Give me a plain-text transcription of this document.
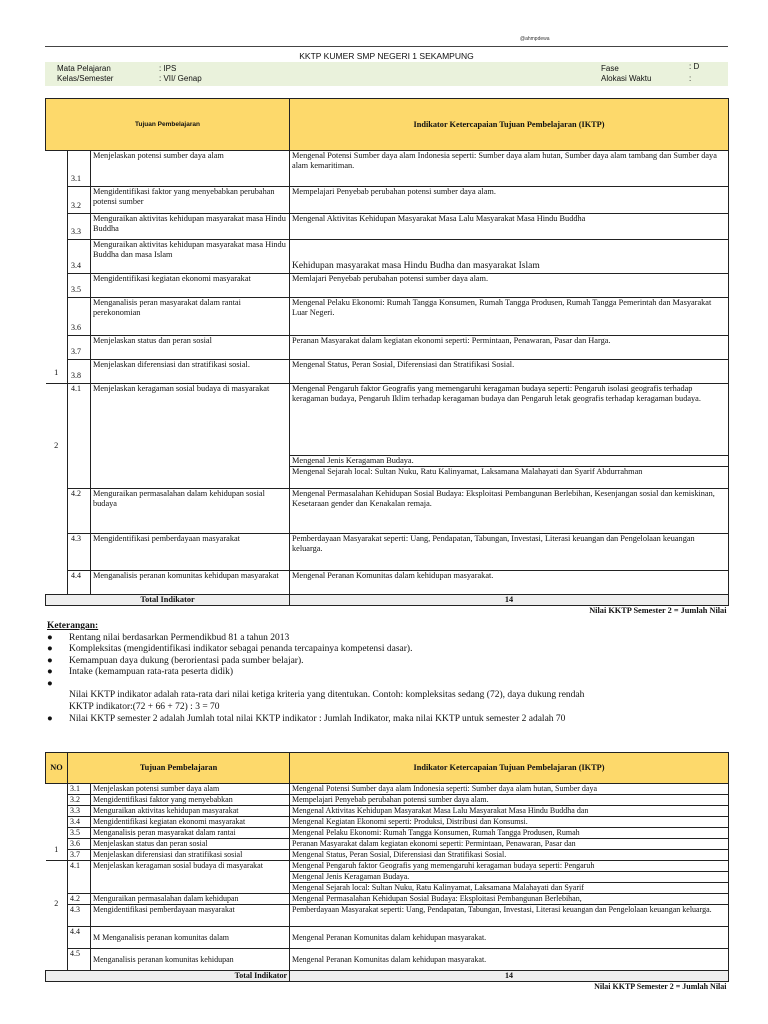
@ahmpdewa
KKTP KUMER SMP NEGERI 1 SEKAMPUNG
Mata Pelajaran	: IPS
Kelas/Semester	: VII/ Genap
Fase	: D
Alokasi Waktu	:
Tujuan Pembelajaran			Indikator Ketercapaian Tujuan Pembelajaran (IKTP)
1	3.1	Menjelaskan potensi sumber daya alam	Mengenal Potensi Sumber daya alam Indonesia seperti: Sumber daya alam hutan, Sumber daya alam tambang dan Sumber daya alam kemaritiman.
	3.2	Mengidentifikasi faktor yang menyebabkan perubahan potensi sumber	Mempelajari Penyebab perubahan potensi sumber daya alam.
	3.3	Menguraikan aktivitas kehidupan masyarakat masa Hindu Buddha	Mengenal Aktivitas Kehidupan Masyarakat Masa Lalu Masyarakat Masa Hindu Buddha
	3.4	Menguraikan aktivitas kehidupan masyarakat masa Hindu Buddha dan masa Islam	Kehidupan masyarakat masa Hindu Budha dan masyarakat Islam
	3.5	Mengidentifikasi kegiatan ekonomi masyarakat	Memlajari Penyebab perubahan potensi sumber daya alam.
	3.6	Menganalisis peran masyarakat dalam rantai perekonomian	Mengenal Pelaku Ekonomi: Rumah Tangga Konsumen, Rumah Tangga Produsen, Rumah Tangga Pemerintah dan Masyarakat Luar Negeri.
	3.7	Menjelaskan status dan peran sosial	Peranan Masyarakat dalam kegiatan ekonomi seperti: Permintaan, Penawaran, Pasar dan Harga.
	3.8	Menjelaskan diferensiasi dan stratifikasi sosial.	Mengenal Status, Peran Sosial, Diferensiasi dan Stratifikasi Sosial.
2	4.1	Menjelaskan keragaman sosial budaya di masyarakat	Mengenal Pengaruh faktor Geografis yang memengaruhi keragaman budaya seperti: Pengaruh isolasi geografis terhadap keragaman budaya, Pengaruh Iklim terhadap keragaman budaya dan Pengaruh letak geografis terhadap keragaman budaya.
			Mengenal Jenis Keragaman Budaya.
			Mengenal Sejarah local: Sultan Nuku, Ratu Kalinyamat, Laksamana Malahayati dan Syarif Abdurrahman
	4.2	Menguraikan permasalahan dalam kehidupan sosial budaya	Mengenal Permasalahan Kehidupan Sosial Budaya: Eksploitasi Pembangunan Berlebihan, Kesenjangan sosial dan kemiskinan, Kesetaraan gender dan Kenakalan remaja.
	4.3	Mengidentifikasi pemberdayaan masyarakat	Pemberdayaan Masyarakat seperti: Uang, Pendapatan, Tabungan, Investasi, Literasi keuangan dan Pengelolaan keuangan keluarga.
	4.4	Menganalisis peranan komunitas kehidupan masyarakat	Mengenal Peranan Komunitas dalam kehidupan masyarakat.
Total Indikator			14
Nilai KKTP Semester 2 = Jumlah Nilai			
Keterangan:
●	Rentang nilai berdasarkan Permendikbud 81 a tahun 2013
●	Kompleksitas (mengidentifikasi indikator sebagai penanda tercapainya kompetensi dasar).
●	Kemampuan daya dukung (berorientasi pada sumber belajar).
●	Intake (kemampuan rata-rata peserta didik)
●
Nilai KKTP indikator adalah rata-rata dari nilai ketiga kriteria yang ditentukan. Contoh: kompleksitas sedang (72), daya dukung rendah
KKTP indikator:(72 + 66 + 72) : 3 = 70
●	Nilai KKTP semester 2 adalah Jumlah total nilai KKTP indikator : Jumlah Indikator, maka nilai KKTP untuk semester 2 adalah 70
NO	Tujuan Pembelajaran		Indikator Ketercapaian Tujuan Pembelajaran (IKTP)
1	3.1	Menjelaskan potensi sumber daya alam	Mengenal Potensi Sumber daya alam Indonesia seperti: Sumber daya alam hutan, Sumber daya
	3.2	Mengidentifikasi faktor yang menyebabkan	Mempelajari Penyebab perubahan potensi sumber daya alam.
	3.3	Menguraikan aktivitas kehidupan masyarakat	Mengenal Aktivitas Kehidupan Masyarakat Masa Lalu Masyarakat Masa Hindu Buddha dan
	3.4	Mengidentifikasi kegiatan ekonomi masyarakat	Mengenal Kegiatan Ekonomi seperti: Produksi, Distribusi dan Konsumsi.
	3.5	Menganalisis peran masyarakat dalam rantai	Mengenal Pelaku Ekonomi: Rumah Tangga Konsumen, Rumah Tangga Produsen, Rumah
	3.6	Menjelaskan status dan peran sosial	Peranan Masyarakat dalam kegiatan ekonomi seperti: Permintaan, Penawaran, Pasar dan
	3.7	Menjelaskan diferensiasi dan stratifikasi sosial	Mengenal Status, Peran Sosial, Diferensiasi dan Stratifikasi Sosial.
2	4.1	Menjelaskan keragaman sosial budaya di masyarakat	Mengenal Pengaruh faktor Geografis yang memengaruhi keragaman budaya seperti: Pengaruh
			Mengenal Jenis Keragaman Budaya.
			Mengenal Sejarah local: Sultan Nuku, Ratu Kalinyamat, Laksamana Malahayati dan Syarif
	4.2	Menguraikan permasalahan dalam kehidupan	Mengenal Permasalahan Kehidupan Sosial Budaya: Eksploitasi Pembangunan Berlebihan,
	4.3	Mengidentifikasi pemberdayaan masyarakat	Pemberdayaan Masyarakat seperti: Uang, Pendapatan, Tabungan, Investasi, Literasi keuangan dan Pengelolaan keuangan keluarga.
	4.4	M Menganalisis peranan komunitas dalam	Mengenal Peranan Komunitas dalam kehidupan masyarakat.
	4.5	Menganalisis peranan komunitas kehidupan	Mengenal Peranan Komunitas dalam kehidupan masyarakat.
Total Indikator			14
Nilai KKTP Semester 2 = Jumlah Nilai			
